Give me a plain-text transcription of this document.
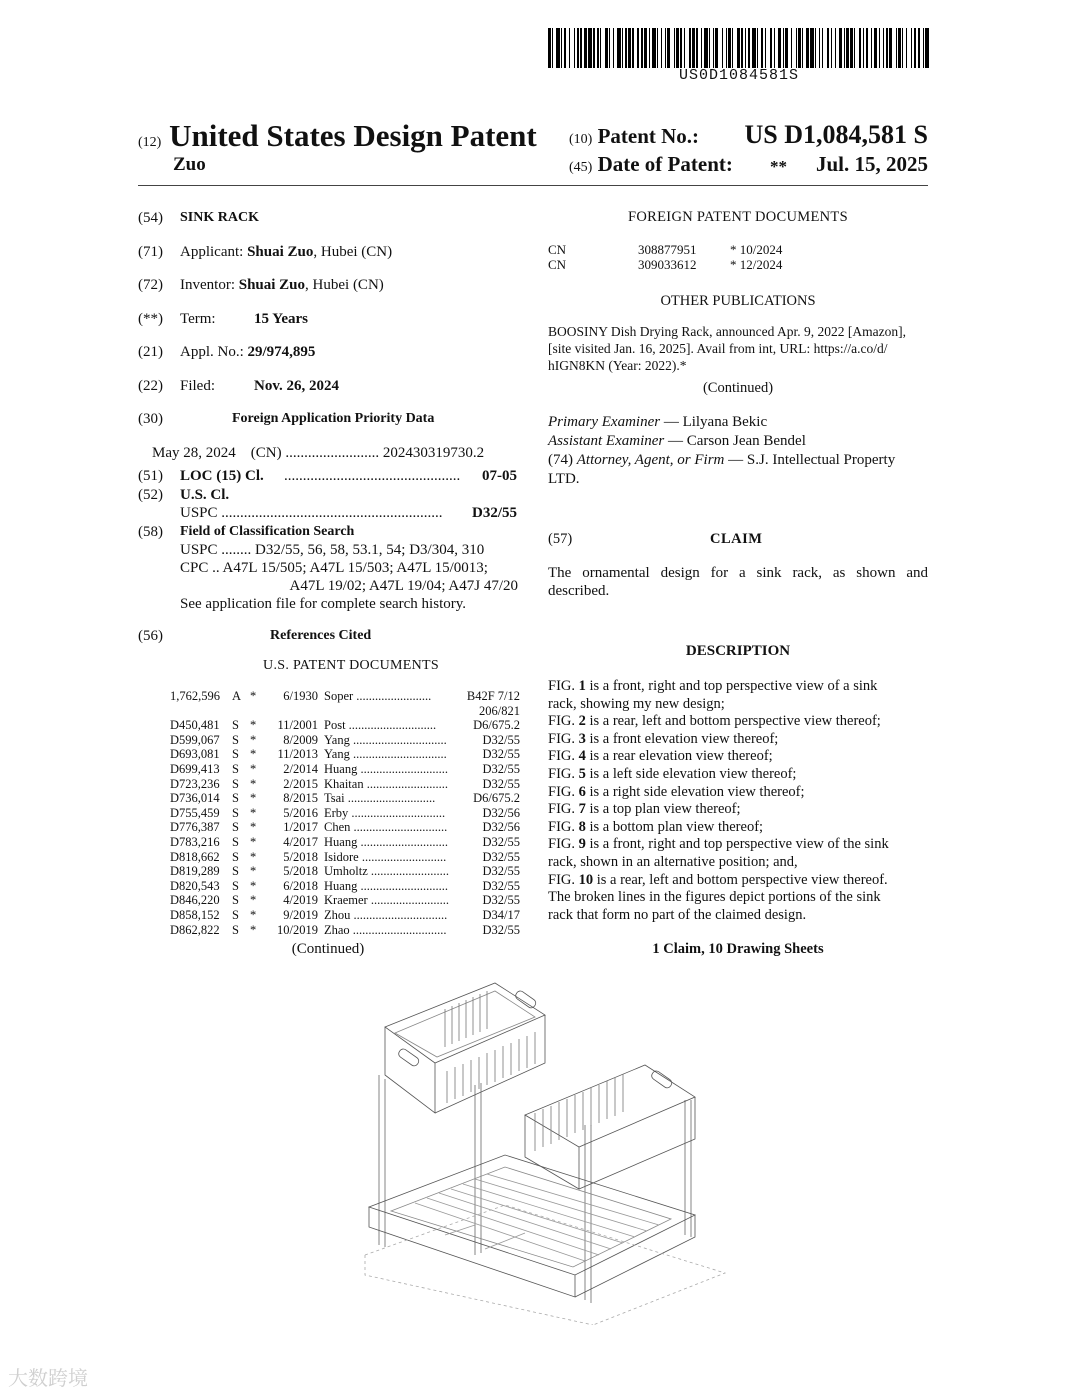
US0D1084581S
(12) United States Design Patent
Zuo
(10) Patent No.: US D1,084,581 S
(45) Date of Patent: ** Jul. 15, 2025
(54) SINK RACK
(71) Applicant: Shuai Zuo, Hubei (CN)
(72) Inventor: Shuai Zuo, Hubei (CN)
(**) Term:	15 Years
(21) Appl. No.: 29/974,895
(22) Filed:	Nov. 26, 2024
(30)	Foreign Application Priority Data
May 28, 2024    (CN) ......................... 202430319730.2
(51) LOC (15) Cl. ............................................... 07-05
(52) U.S. Cl.
USPC ........................................................... D32/55
(58) Field of Classification Search
USPC ........ D32/55, 56, 58, 53.1, 54; D3/304, 310
CPC .. A47L 15/505; A47L 15/503; A47L 15/0013;
A47L 19/02; A47L 19/04; A47J 47/20
See application file for complete search history.
(56)	References Cited
U.S. PATENT DOCUMENTS
1,762,596 A *	6/1930 Soper ........................	B42F 7/12
206/821
D450,481 S *	11/2001 Post ............................	D6/675.2
D599,067 S *	8/2009 Yang ..............................	D32/55
D693,081 S *	11/2013 Yang ..............................	D32/55
D699,413 S *	2/2014 Huang ............................	D32/55
D723,236 S *	2/2015 Khaitan ..........................	D32/55
D736,014 S *	8/2015 Tsai ............................	D6/675.2
D755,459 S *	5/2016 Erby ..............................	D32/56
D776,387 S *	1/2017 Chen ..............................	D32/56
D783,216 S *	4/2017 Huang ............................	D32/55
D818,662 S *	5/2018 Isidore ...........................	D32/55
D819,289 S *	5/2018 Umholtz .........................	D32/55
D820,543 S *	6/2018 Huang ............................	D32/55
D846,220 S *	4/2019 Kraemer .........................	D32/55
D858,152 S *	9/2019 Zhou ..............................	D34/17
D862,822 S *	10/2019 Zhao ..............................	D32/55
(Continued)
FOREIGN PATENT DOCUMENTS
CN	308877951	* 10/2024
CN	309033612	* 12/2024
OTHER PUBLICATIONS
BOOSINY Dish Drying Rack, announced Apr. 9, 2022 [Amazon],
[site visited Jan. 16, 2025]. Avail from int, URL: https://a.co/d/
hIGN8KN (Year: 2022).*
(Continued)
Primary Examiner — Lilyana Bekic
Assistant Examiner — Carson Jean Bendel
(74) Attorney, Agent, or Firm — S.J. Intellectual Property
LTD.
(57)	CLAIM
The ornamental design for a sink rack, as shown and
described.
DESCRIPTION

FIG. 1 is a front, right and top perspective view of a sink

rack, showing my new design;

FIG. 2 is a rear, left and bottom perspective view thereof;

FIG. 3 is a front elevation view thereof;

FIG. 4 is a rear elevation view thereof;

FIG. 5 is a left side elevation view thereof;

FIG. 6 is a right side elevation view thereof;

FIG. 7 is a top plan view thereof;

FIG. 8 is a bottom plan view thereof;

FIG. 9 is a front, right and top perspective view of the sink

rack, shown in an alternative position; and,

FIG. 10 is a rear, left and bottom perspective view thereof.

The broken lines in the figures depict portions of the sink

rack that form no part of the claimed design.

1 Claim, 10 Drawing Sheets
大数跨境
